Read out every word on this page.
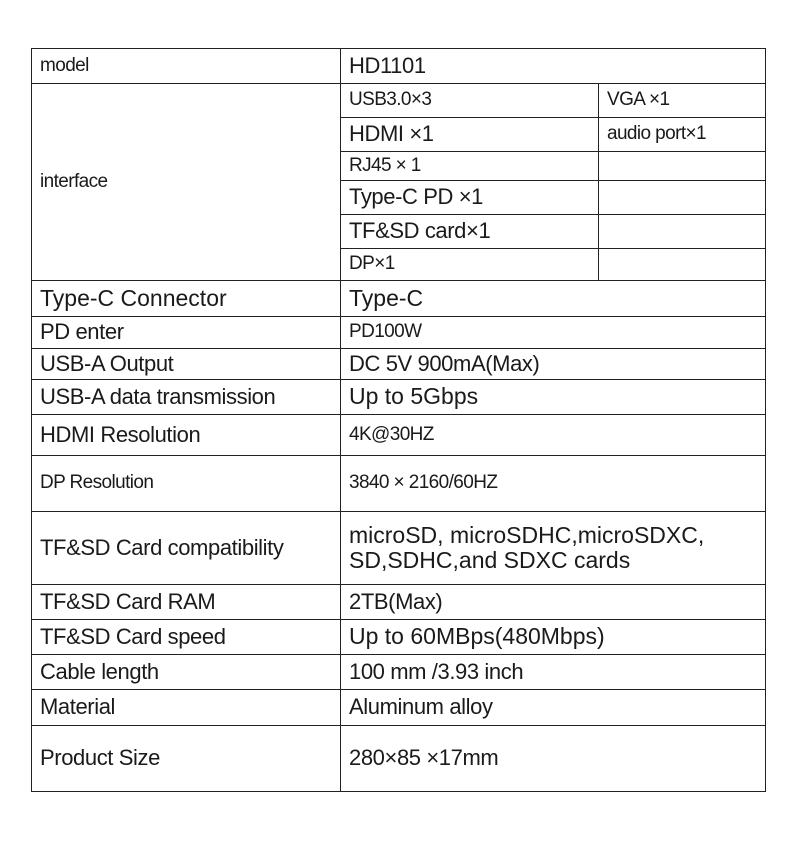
model	HD1101	
interface	USB3.0×3	VGA ×1
	HDMI ×1	audio port×1
	RJ45 × 1	
	Type-C PD ×1	
	TF&SD card×1	
	DP×1	
Type-C Connector	Type-C	
PD enter	PD100W	
USB-A Output	DC 5V 900mA(Max)	
USB-A data transmission	Up to 5Gbps	
HDMI Resolution	4K@30HZ	
DP Resolution	3840 × 2160/60HZ	
TF&SD Card compatibility	microSD, microSDHC,microSDXC,
SD,SDHC,and SDXC cards	

TF&SD Card RAM	2TB(Max)	
TF&SD Card speed	Up to 60MBps(480Mbps)	
Cable length	100 mm /3.93 inch	
Material	Aluminum alloy	
Product Size	280×85 ×17mm	
